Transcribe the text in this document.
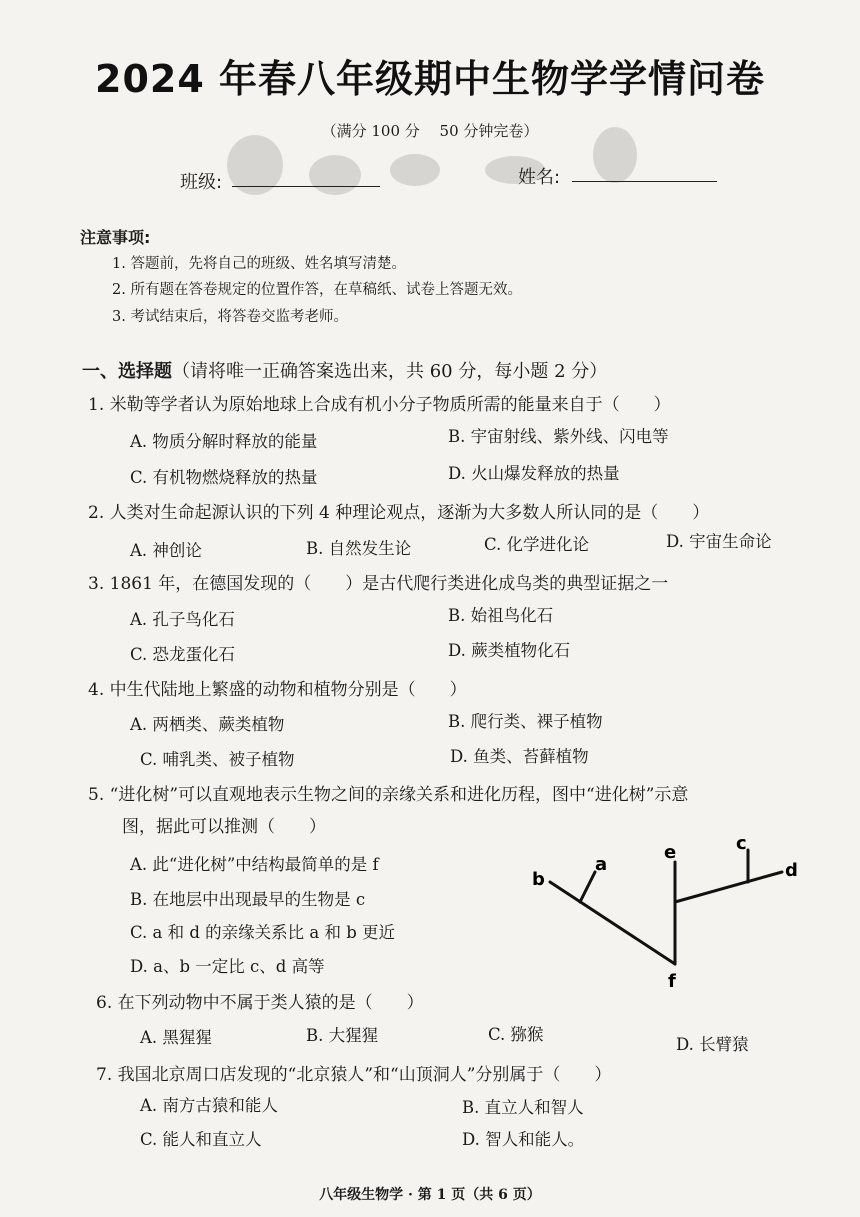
2024 年春八年级期中生物学学情问卷
（满分 100 分　 50 分钟完卷）
班级:	姓名:
注意事项:
1. 答题前，先将自己的班级、姓名填写清楚。
2. 所有题在答卷规定的位置作答，在草稿纸、试卷上答题无效。
3. 考试结束后，将答卷交监考老师。
一、选择题（请将唯一正确答案选出来，共 60 分，每小题 2 分）
1. 米勒等学者认为原始地球上合成有机小分子物质所需的能量来自于（　　）
A. 物质分解时释放的能量	B. 宇宙射线、紫外线、闪电等
C. 有机物燃烧释放的热量	D. 火山爆发释放的热量
2. 人类对生命起源认识的下列 4 种理论观点，逐渐为大多数人所认同的是（　　）
A. 神创论	B. 自然发生论	C. 化学进化论	D. 宇宙生命论
3. 1861 年，在德国发现的（　　）是古代爬行类进化成鸟类的典型证据之一
A. 孔子鸟化石	B. 始祖鸟化石
C. 恐龙蛋化石	D. 蕨类植物化石
4. 中生代陆地上繁盛的动物和植物分别是（　　）
A. 两栖类、蕨类植物	B. 爬行类、裸子植物
C. 哺乳类、被子植物	D. 鱼类、苔藓植物
5. “进化树”可以直观地表示生物之间的亲缘关系和进化历程，图中“进化树”示意
图，据此可以推测（　　）
A. 此“进化树”中结构最简单的是 f
B. 在地层中出现最早的生物是 c
C. a 和 d 的亲缘关系比 a 和 b 更近
D. a、b 一定比 c、d 高等
a
b
c
d
e
f
6. 在下列动物中不属于类人猿的是（　　）
A. 黑猩猩	B. 大猩猩	C. 猕猴
D. 长臂猿
7. 我国北京周口店发现的“北京猿人”和“山顶洞人”分别属于（　　）
A. 南方古猿和能人	B. 直立人和智人
C. 能人和直立人	D. 智人和能人。
八年级生物学 · 第 1 页（共 6 页）
